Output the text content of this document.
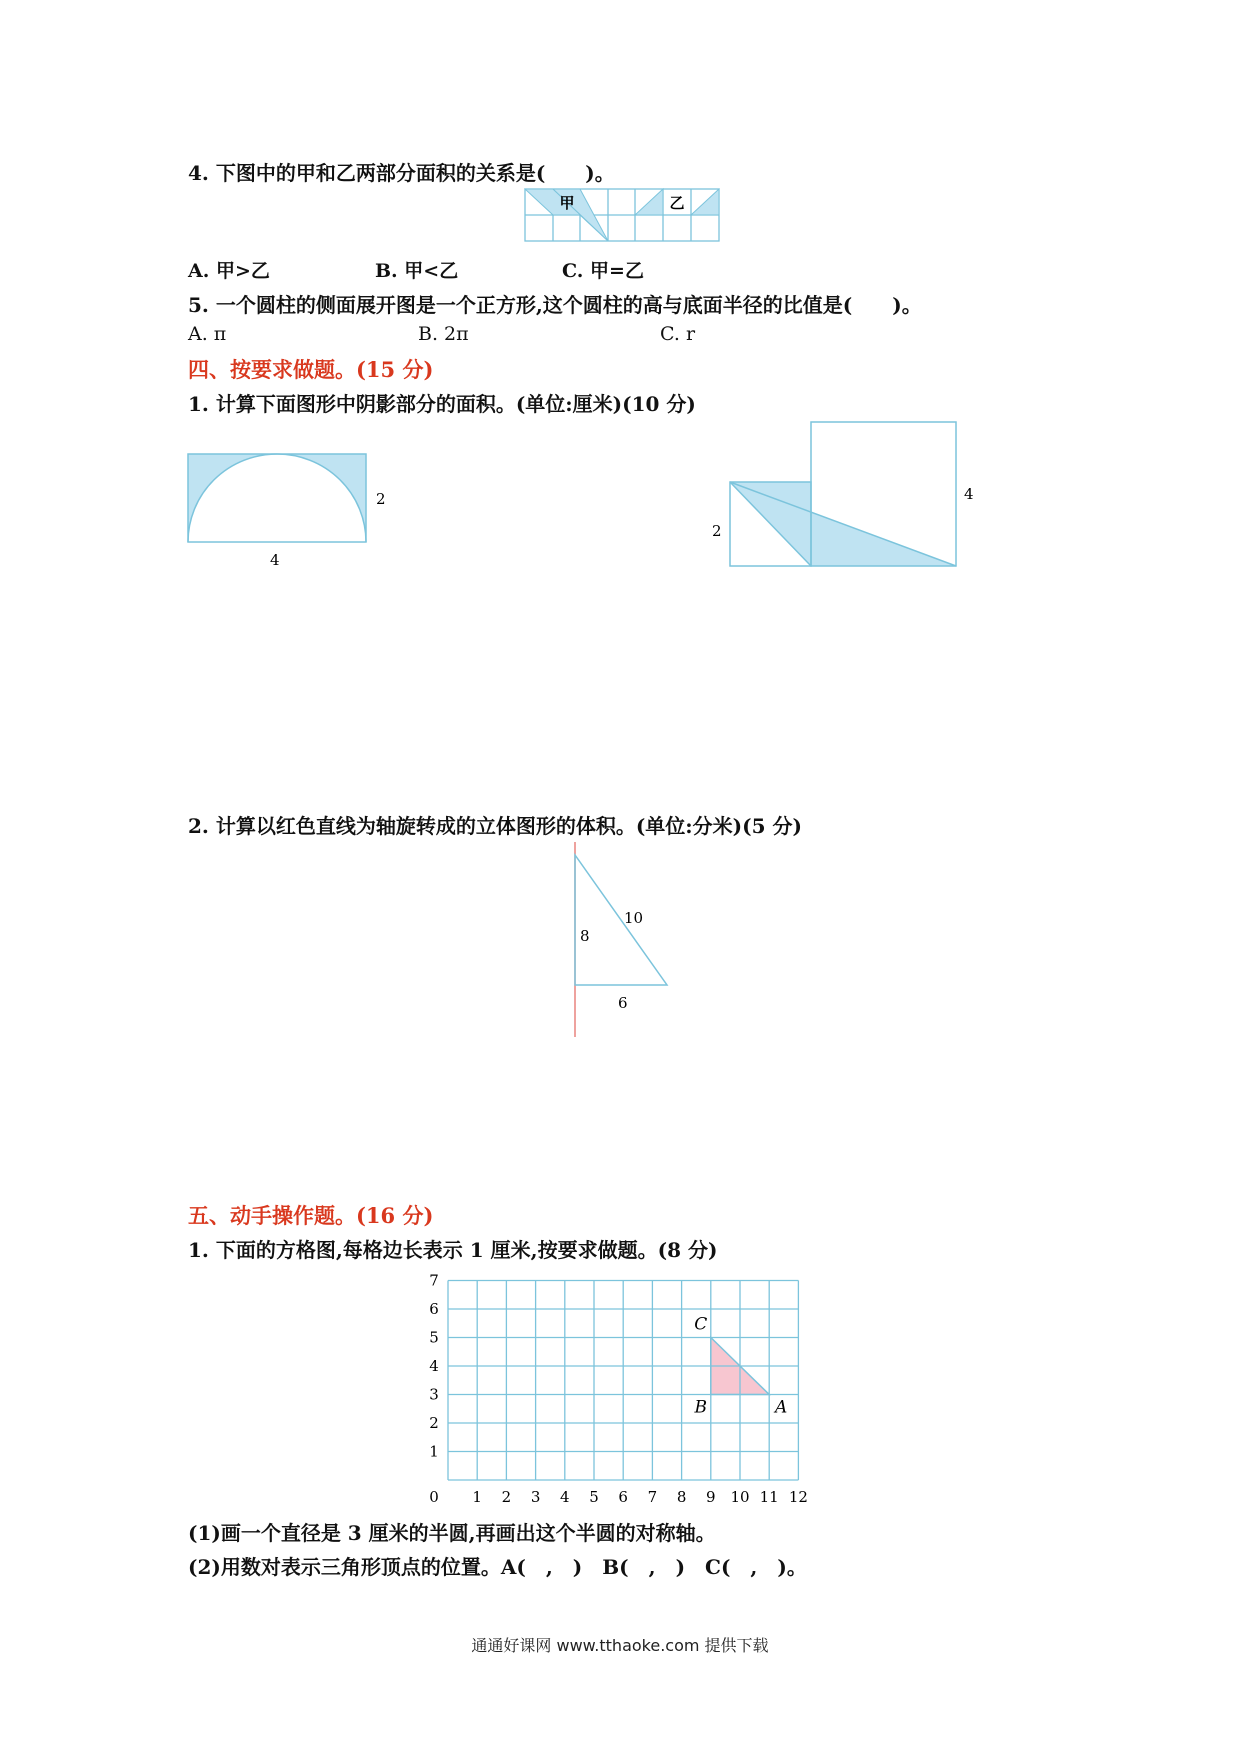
4. 下图中的甲和乙两部分面积的关系是(　　)。
甲	乙
A. 甲>乙	B. 甲<乙	C. 甲=乙
5. 一个圆柱的侧面展开图是一个正方形,这个圆柱的高与底面半径的比值是(　　)。
A. π	B. 2π	C. r
四、按要求做题。(15 分)
1. 计算下面图形中阴影部分的面积。(单位:厘米)(10 分)
2
4
2
4
2. 计算以红色直线为轴旋转成的立体图形的体积。(单位:分米)(5 分)
8
10
6
五、动手操作题。(16 分)
1. 下面的方格图,每格边长表示 1 厘米,按要求做题。(8 分)
0 1 2 3 4 5 6 7 8 9 10 11 12
1
2
3
4
5
6
7
A
B
C
(1)画一个直径是 3 厘米的半圆,再画出这个半圆的对称轴。
(2)用数对表示三角形顶点的位置。A(　,　)　B(　,　)　C(　,　)。
通通好课网 www.tthaoke.com 提供下载
